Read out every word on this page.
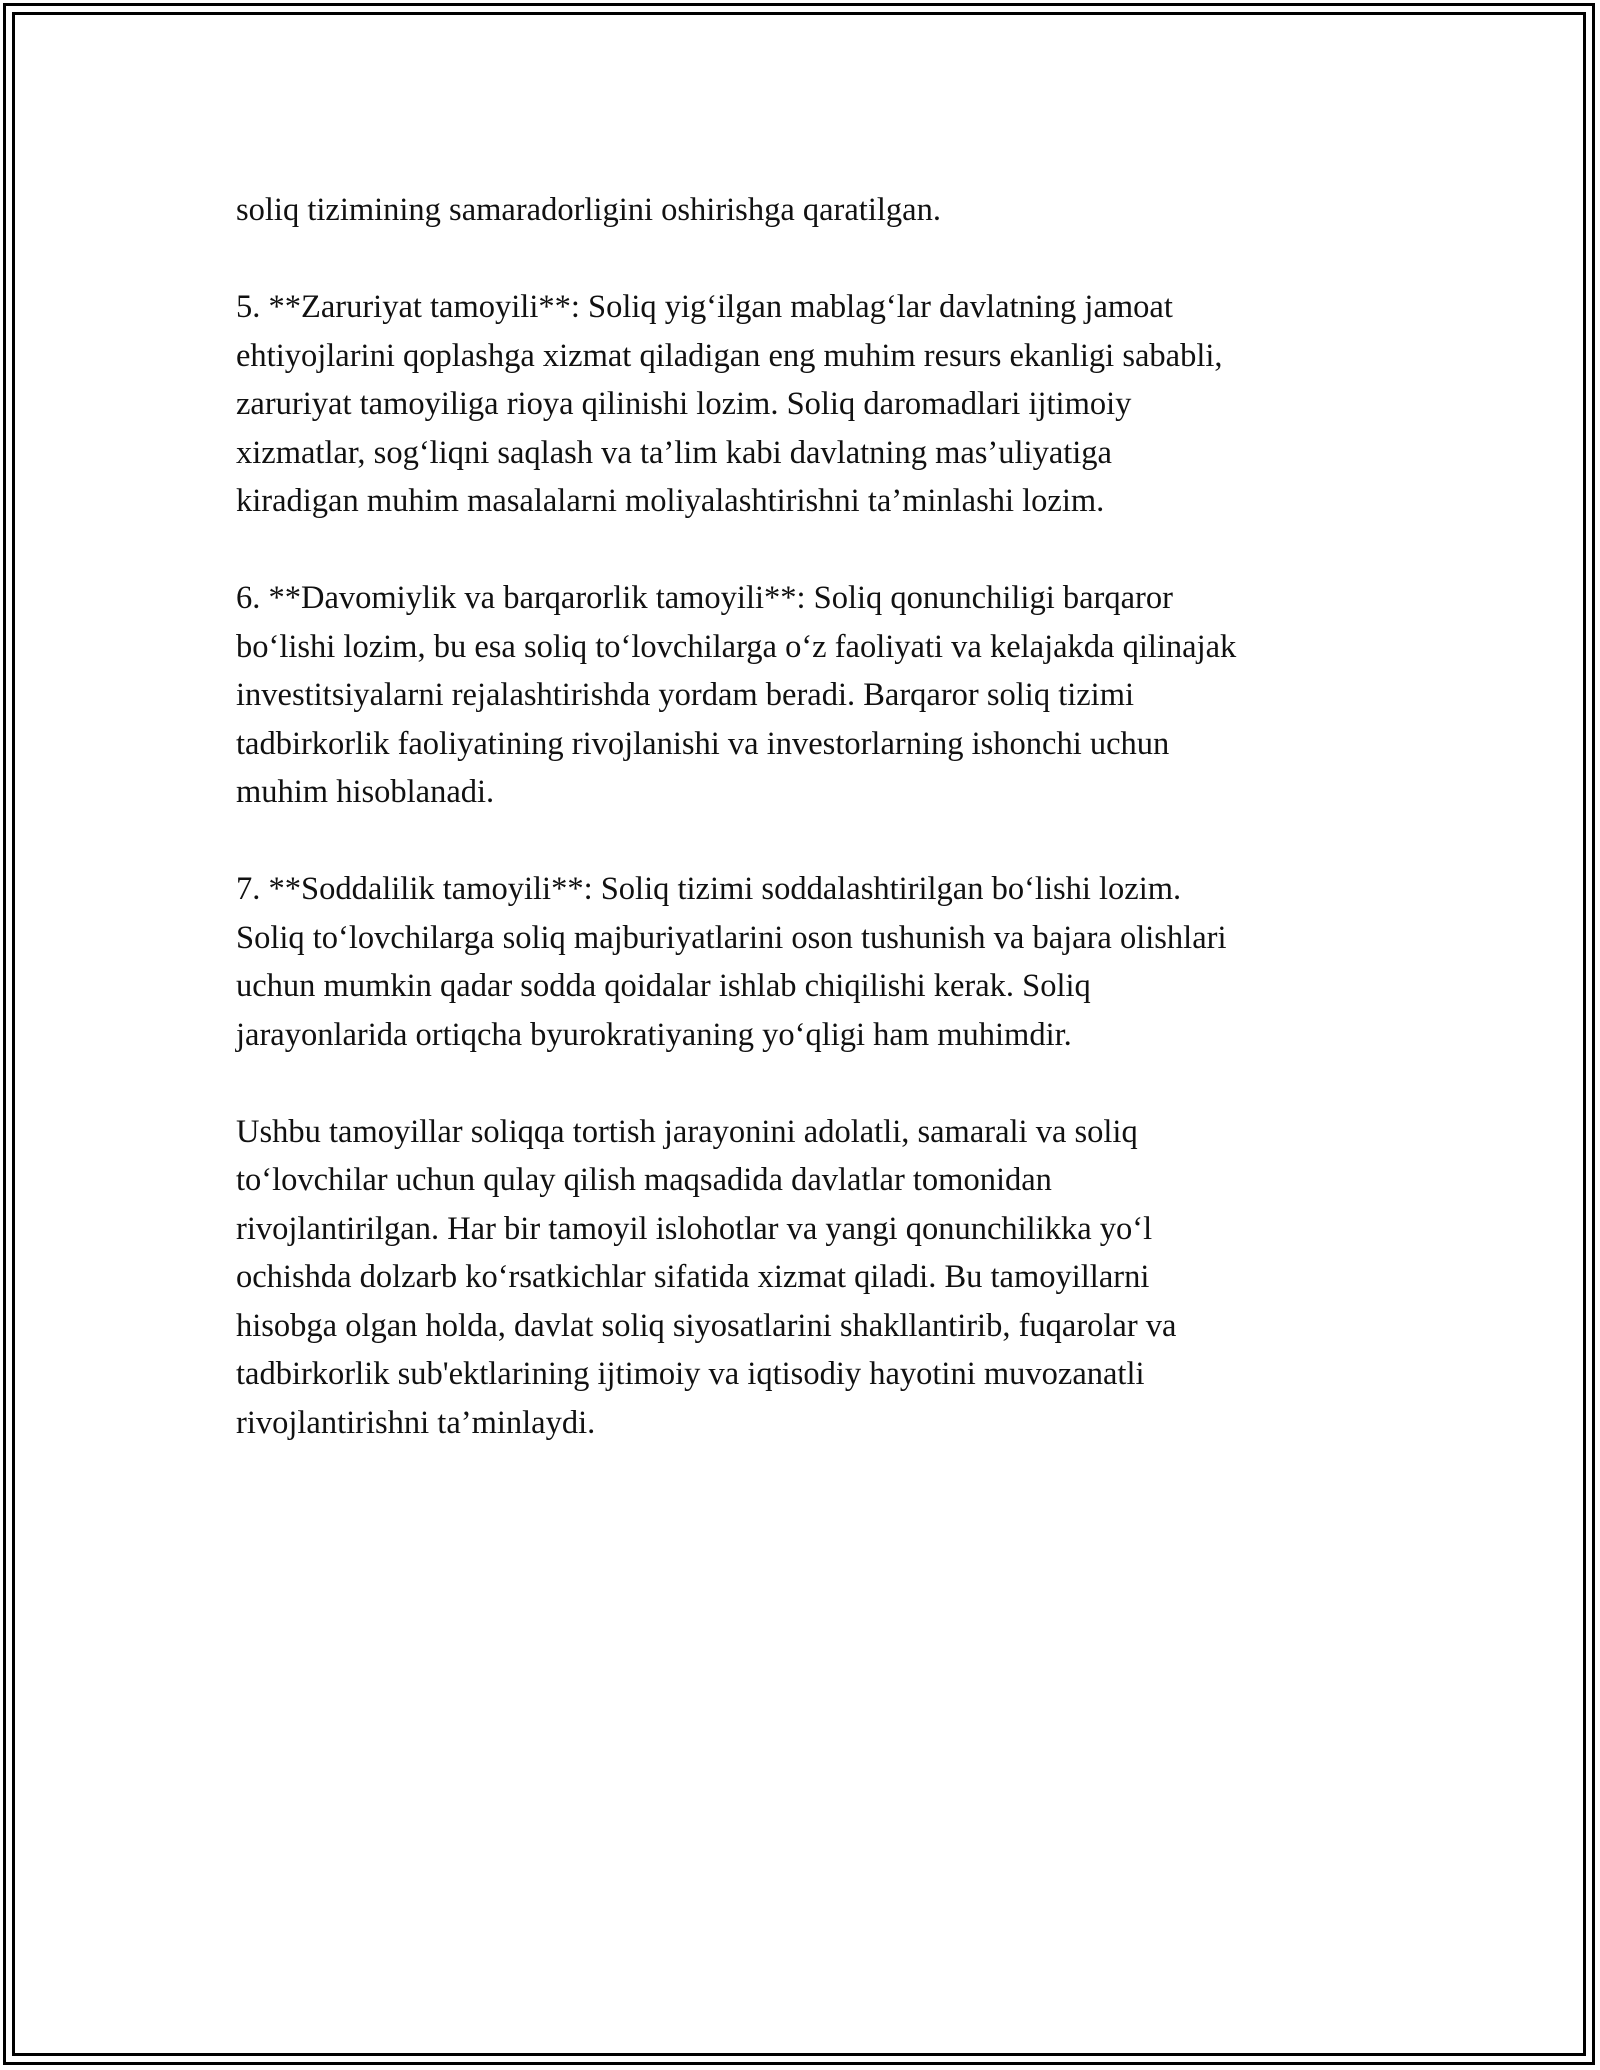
soliq tizimining samaradorligini oshirishga qaratilgan.

5. **Zaruriyat tamoyili**: Soliq yig‘ilgan mablag‘lar davlatning jamoat
ehtiyojlarini qoplashga xizmat qiladigan eng muhim resurs ekanligi sababli,
zaruriyat tamoyiliga rioya qilinishi lozim. Soliq daromadlari ijtimoiy
xizmatlar, sog‘liqni saqlash va ta’lim kabi davlatning mas’uliyatiga
kiradigan muhim masalalarni moliyalashtirishni ta’minlashi lozim.

6. **Davomiylik va barqarorlik tamoyili**: Soliq qonunchiligi barqaror
bo‘lishi lozim, bu esa soliq to‘lovchilarga o‘z faoliyati va kelajakda qilinajak
investitsiyalarni rejalashtirishda yordam beradi. Barqaror soliq tizimi
tadbirkorlik faoliyatining rivojlanishi va investorlarning ishonchi uchun
muhim hisoblanadi.

7. **Soddalilik tamoyili**: Soliq tizimi soddalashtirilgan bo‘lishi lozim.
Soliq to‘lovchilarga soliq majburiyatlarini oson tushunish va bajara olishlari
uchun mumkin qadar sodda qoidalar ishlab chiqilishi kerak. Soliq
jarayonlarida ortiqcha byurokratiyaning yo‘qligi ham muhimdir.

Ushbu tamoyillar soliqqa tortish jarayonini adolatli, samarali va soliq
to‘lovchilar uchun qulay qilish maqsadida davlatlar tomonidan
rivojlantirilgan. Har bir tamoyil islohotlar va yangi qonunchilikka yo‘l
ochishda dolzarb ko‘rsatkichlar sifatida xizmat qiladi. Bu tamoyillarni
hisobga olgan holda, davlat soliq siyosatlarini shakllantirib, fuqarolar va
tadbirkorlik sub'ektlarining ijtimoiy va iqtisodiy hayotini muvozanatli
rivojlantirishni ta’minlaydi.
